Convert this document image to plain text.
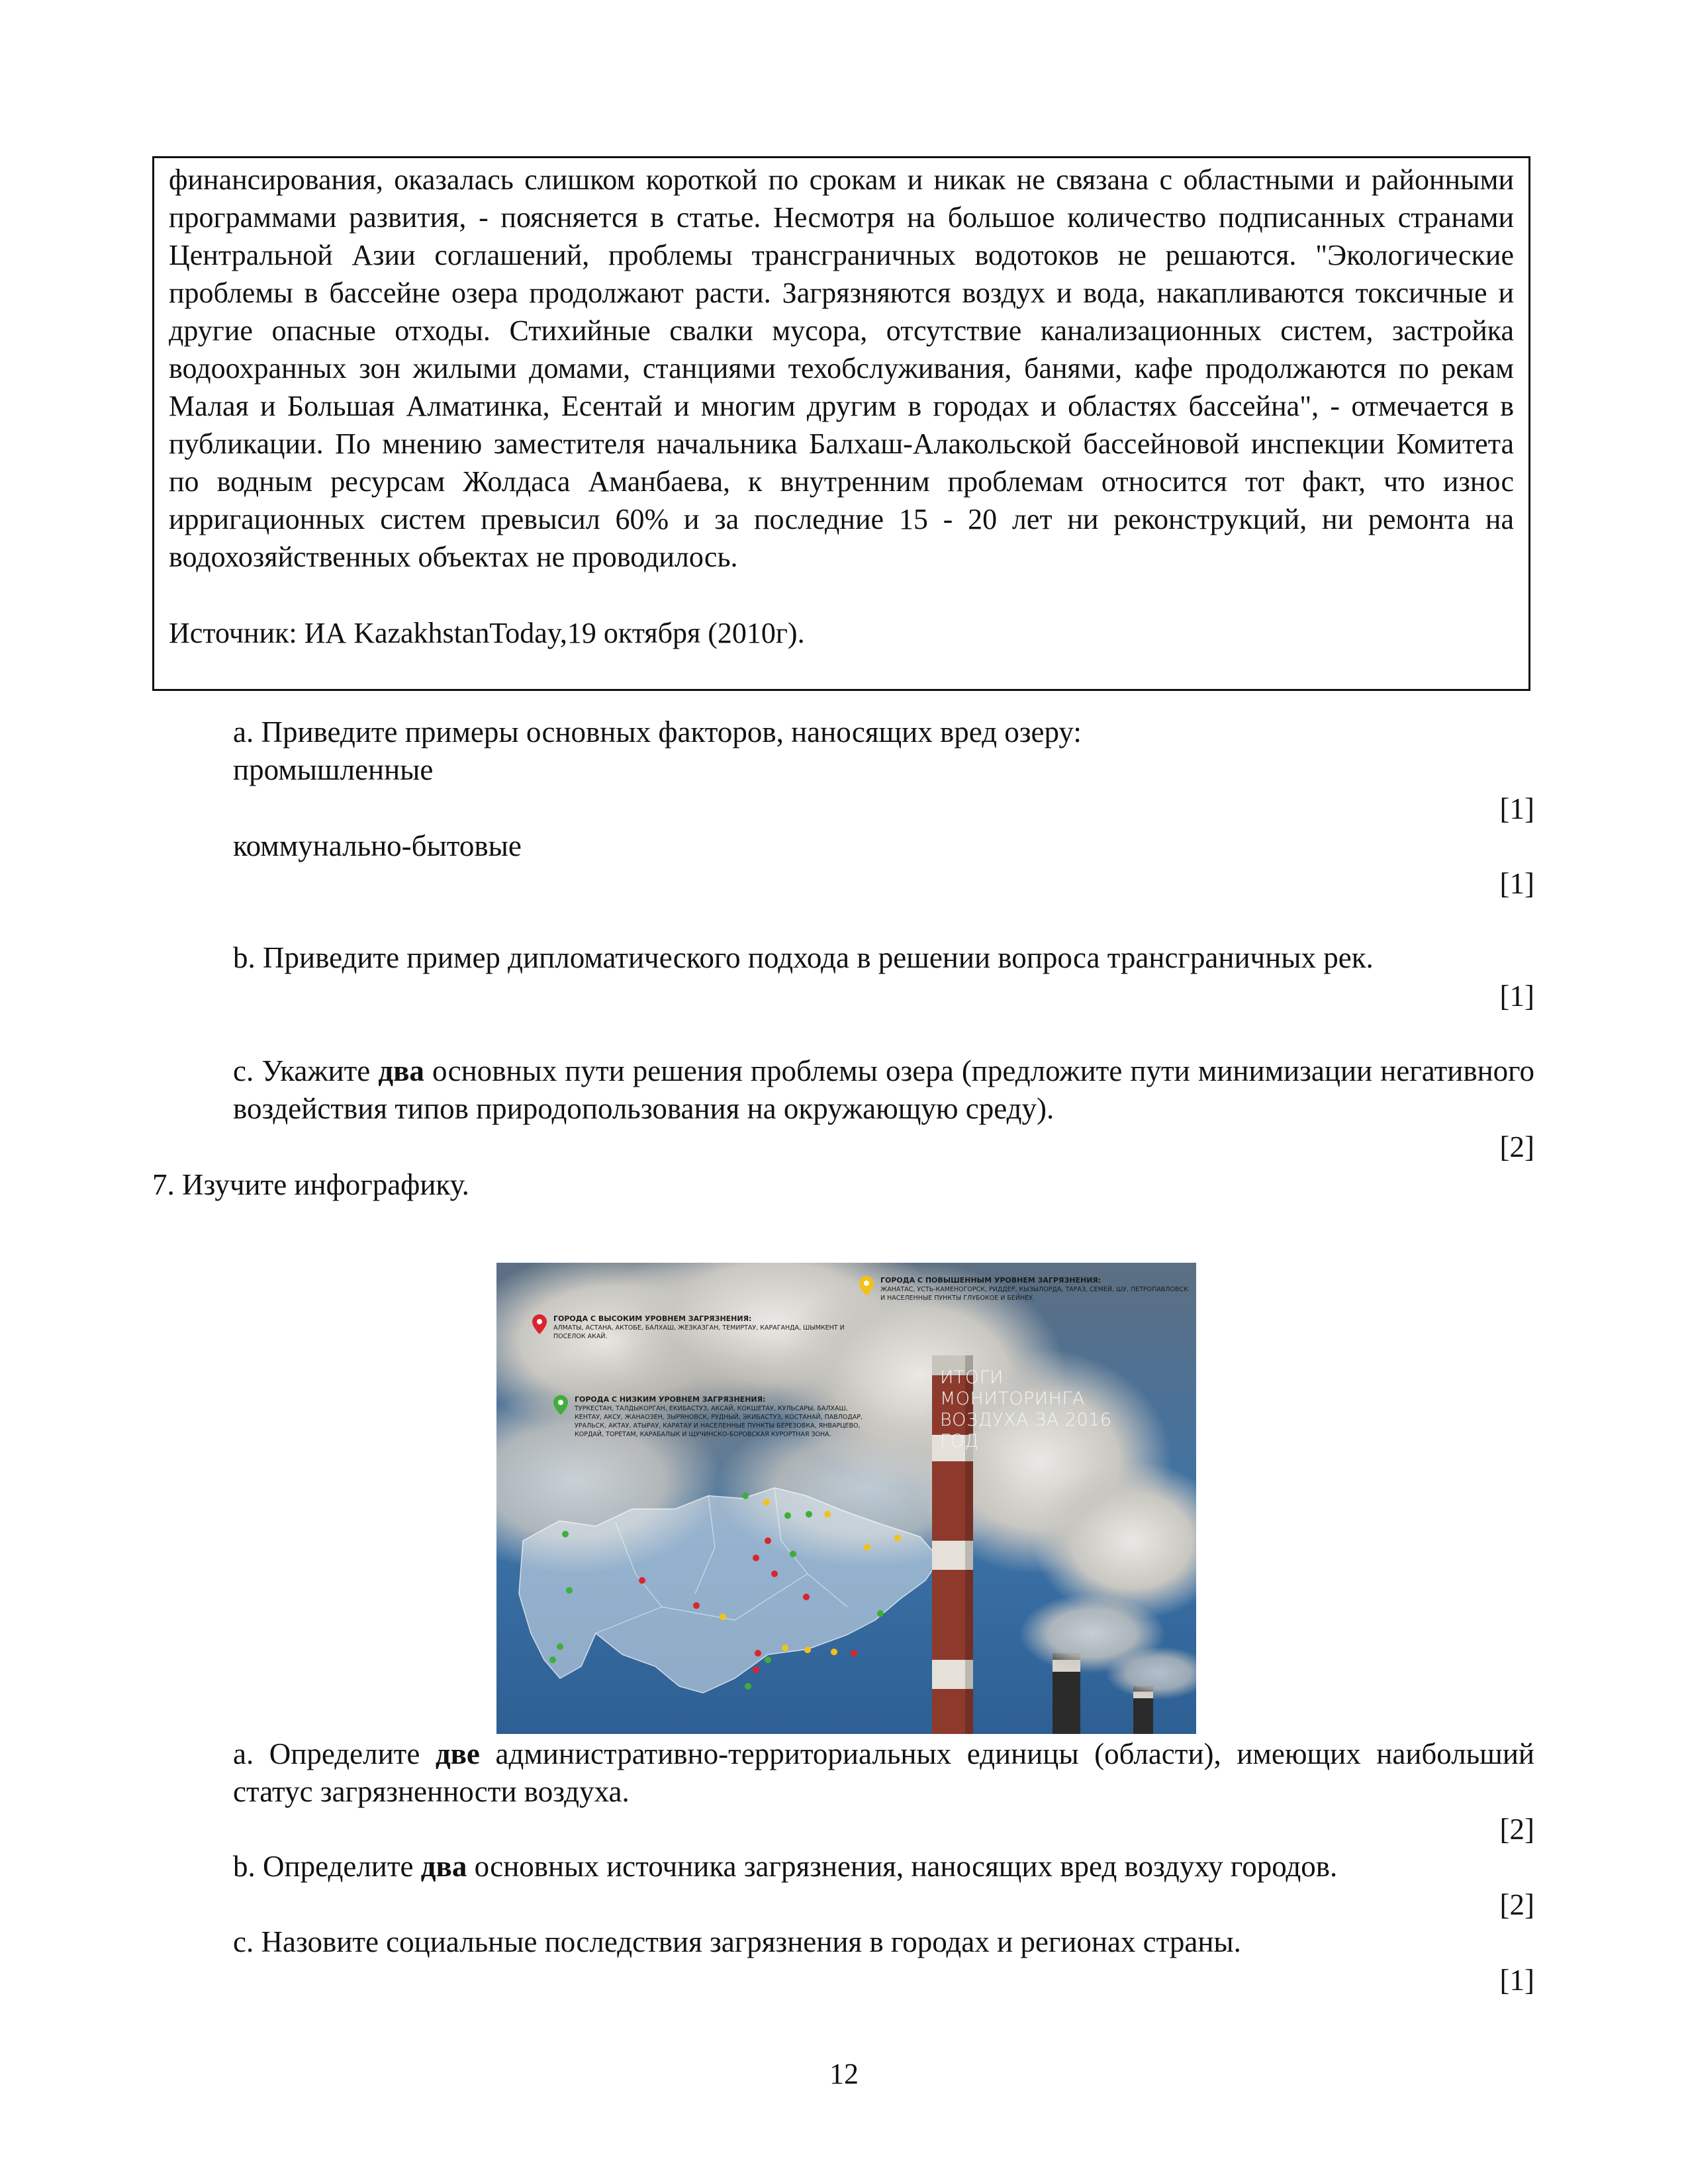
финансирования, оказалась слишком короткой по срокам и никак не связана с областными и районными программами развития, - поясняется в статье. Несмотря на большое количество подписанных странами Центральной Азии соглашений, проблемы трансграничных водотоков не решаются. "Экологические проблемы в бассейне озера продолжают расти. Загрязняются воздух и вода, накапливаются токсичные и другие опасные отходы. Стихийные свалки мусора, отсутствие канализационных систем, застройка водоохранных зон жилыми домами, станциями техобслуживания, банями, кафе продолжаются по рекам Малая и Большая Алматинка, Есентай и многим другим в городах и областях бассейна", - отмечается в публикации. По мнению заместителя начальника Балхаш-Алакольской бассейновой инспекции Комитета по водным ресурсам Жолдаса Аманбаева, к внутренним проблемам относится тот факт, что износ ирригационных систем превысил 60% и за последние 15 - 20 лет ни реконструкций, ни ремонта на водохозяйственных объектах не проводилось.

Источник: ИА KazakhstanToday,19 октября (2010г).

a. Приведите примеры основных факторов, наносящих вред озеру:

промышленные

[1]

коммунально-бытовые

[1]

b. Приведите пример дипломатического подхода в решении вопроса трансграничных рек.

[1]

c. Укажите два основных пути решения проблемы озера (предложите пути минимизации негативного воздействия типов природопользования на окружающую среду).

[2]

7. Изучите инфографику.

ГОРОДА С ВЫСОКИМ УРОВНЕМ ЗАГРЯЗНЕНИЯ:
АЛМАТЫ, АСТАНА, АКТОБЕ, БАЛХАШ, ЖЕЗКАЗГАН, ТЕМИРТАУ, КАРАГАНДА, ШЫМКЕНТ И ПОСЕЛОК АКАЙ.
ГОРОДА С ПОВЫШЕННЫМ УРОВНЕМ ЗАГРЯЗНЕНИЯ:
ЖАНАТАС, УСТЬ-КАМЕНОГОРСК, РИДДЕР, КЫЗЫЛОРДА, ТАРАЗ, СЕМЕЙ, ШУ, ПЕТРОПАВЛОВСК И НАСЕЛЕННЫЕ ПУНКТЫ ГЛУБОКОЕ И БЕЙНЕУ.
ГОРОДА С НИЗКИМ УРОВНЕМ ЗАГРЯЗНЕНИЯ:
ТУРКЕСТАН, ТАЛДЫКОРГАН, ЕКИБАСТУЗ, АКСАЙ, КОКШЕТАУ, КУЛЬСАРЫ, БАЛХАШ, КЕНТАУ, АКСУ, ЖАНАОЗЕН, ЗЫРЯНОВСК, РУДНЫЙ, ЭКИБАСТУЗ, КОСТАНАЙ, ПАВЛОДАР, УРАЛЬСК, АКТАУ, АТЫРАУ, КАРАТАУ И НАСЕЛЕННЫЕ ПУНКТЫ БЕРЕЗОВКА, ЯНВАРЦЕВО, КОРДАЙ, ТОРЕТАМ, КАРАБАЛЫК И ЩУЧИНСКО-БОРОВСКАЯ КУРОРТНАЯ ЗОНА.
ИТОГИ МОНИТОРИНГА
ВОЗДУХА ЗА 2016 ГОД

a. Определите две административно-территориальных единицы (области), имеющих наибольший статус загрязненности воздуха.

[2]

b. Определите два основных источника загрязнения, наносящих вред воздуху городов.

[2]

c. Назовите социальные последствия загрязнения в городах и регионах страны.

[1]
12
